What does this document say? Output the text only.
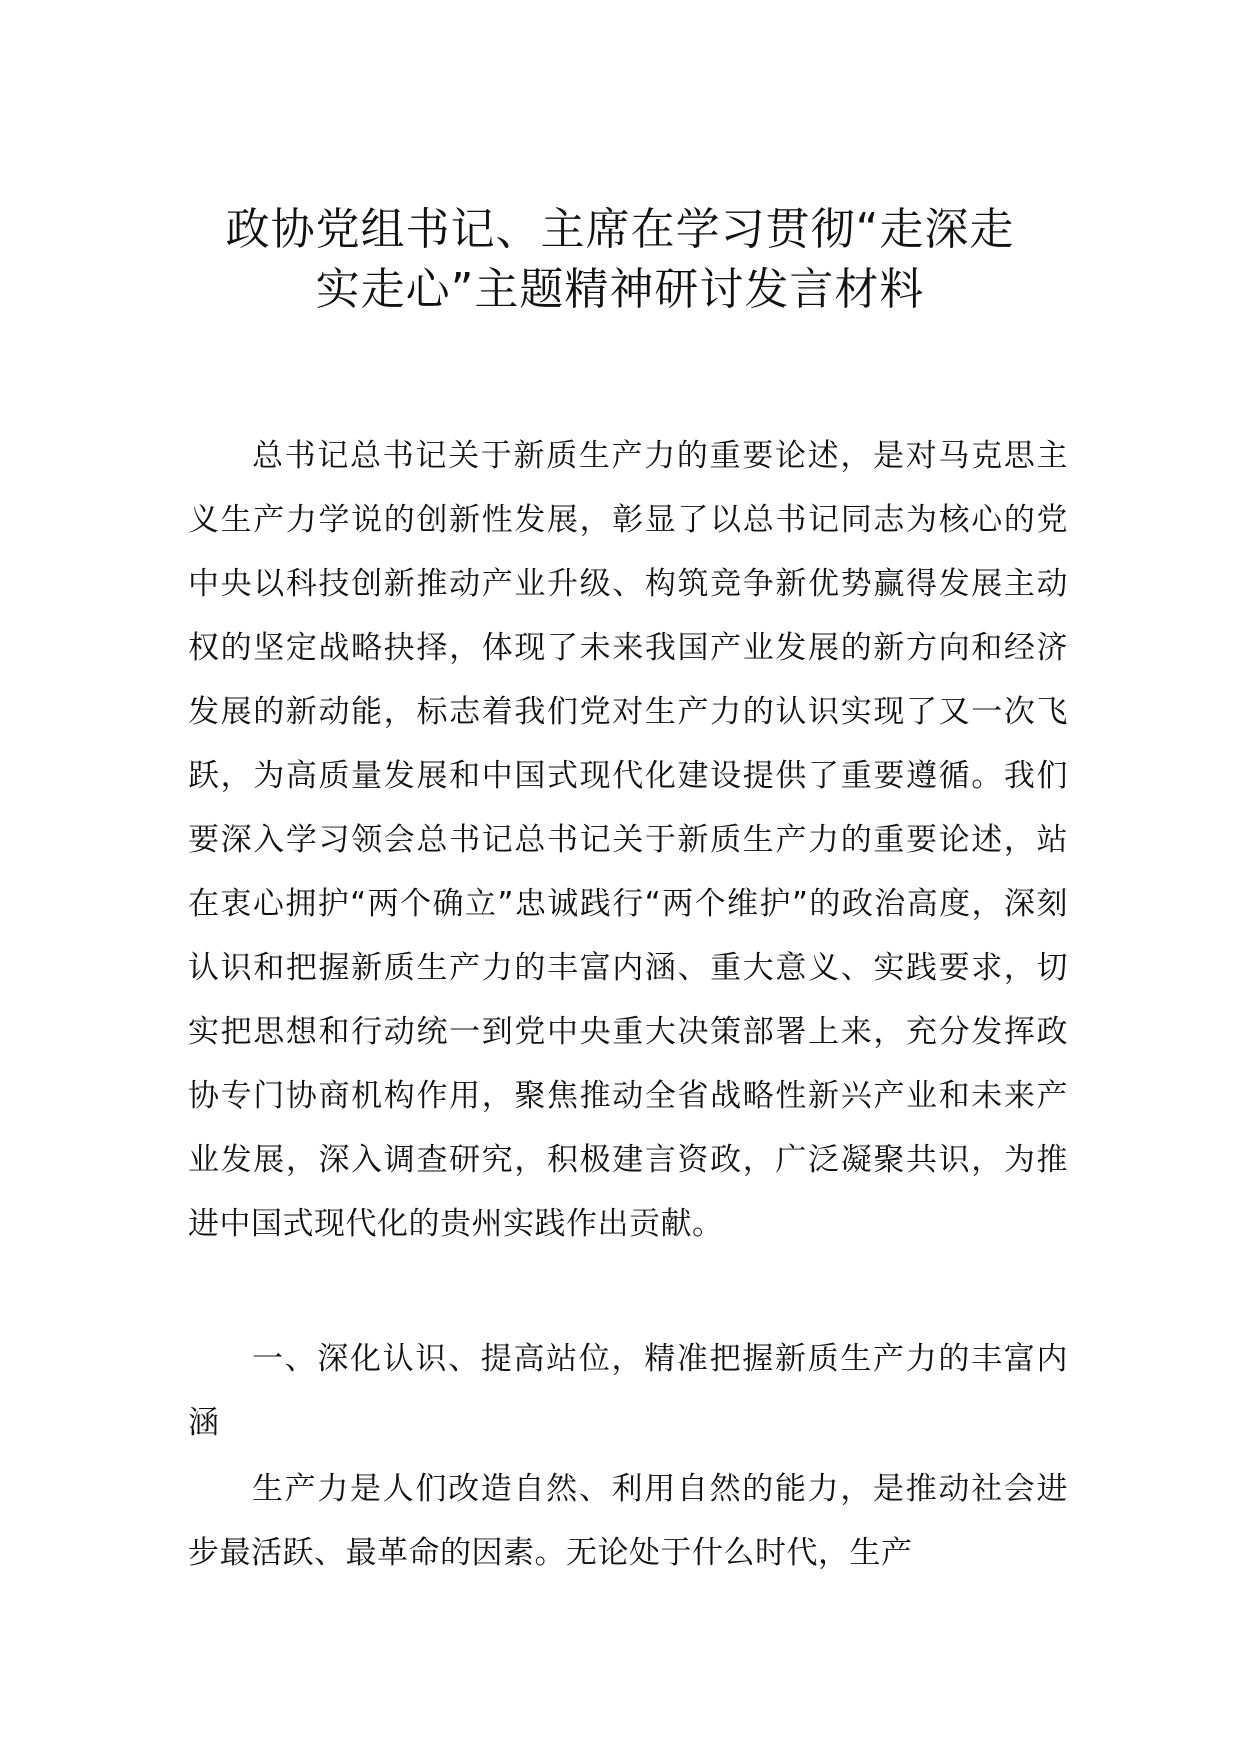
政协党组书记、主席在学习贯彻“走深走
实走心”主题精神研讨发言材料

总书记总书记关于新质生产力的重要论述，是对马克思主义生产力学说的创新性发展，彰显了以总书记同志为核心的党中央以科技创新推动产业升级、构筑竞争新优势赢得发展主动权的坚定战略抉择，体现了未来我国产业发展的新方向和经济发展的新动能，标志着我们党对生产力的认识实现了又一次飞跃，为高质量发展和中国式现代化建设提供了重要遵循。我们要深入学习领会总书记总书记关于新质生产力的重要论述，站在衷心拥护“两个确立”忠诚践行“两个维护”的政治高度，深刻认识和把握新质生产力的丰富内涵、重大意义、实践要求，切实把思想和行动统一到党中央重大决策部署上来，充分发挥政协专门协商机构作用，聚焦推动全省战略性新兴产业和未来产业发展，深入调查研究，积极建言资政，广泛凝聚共识，为推进中国式现代化的贵州实践作出贡献。

一、深化认识、提高站位，精准把握新质生产力的丰富内涵

生产力是人们改造自然、利用自然的能力，是推动社会进步最活跃、最革命的因素。无论处于什么时代，生产
